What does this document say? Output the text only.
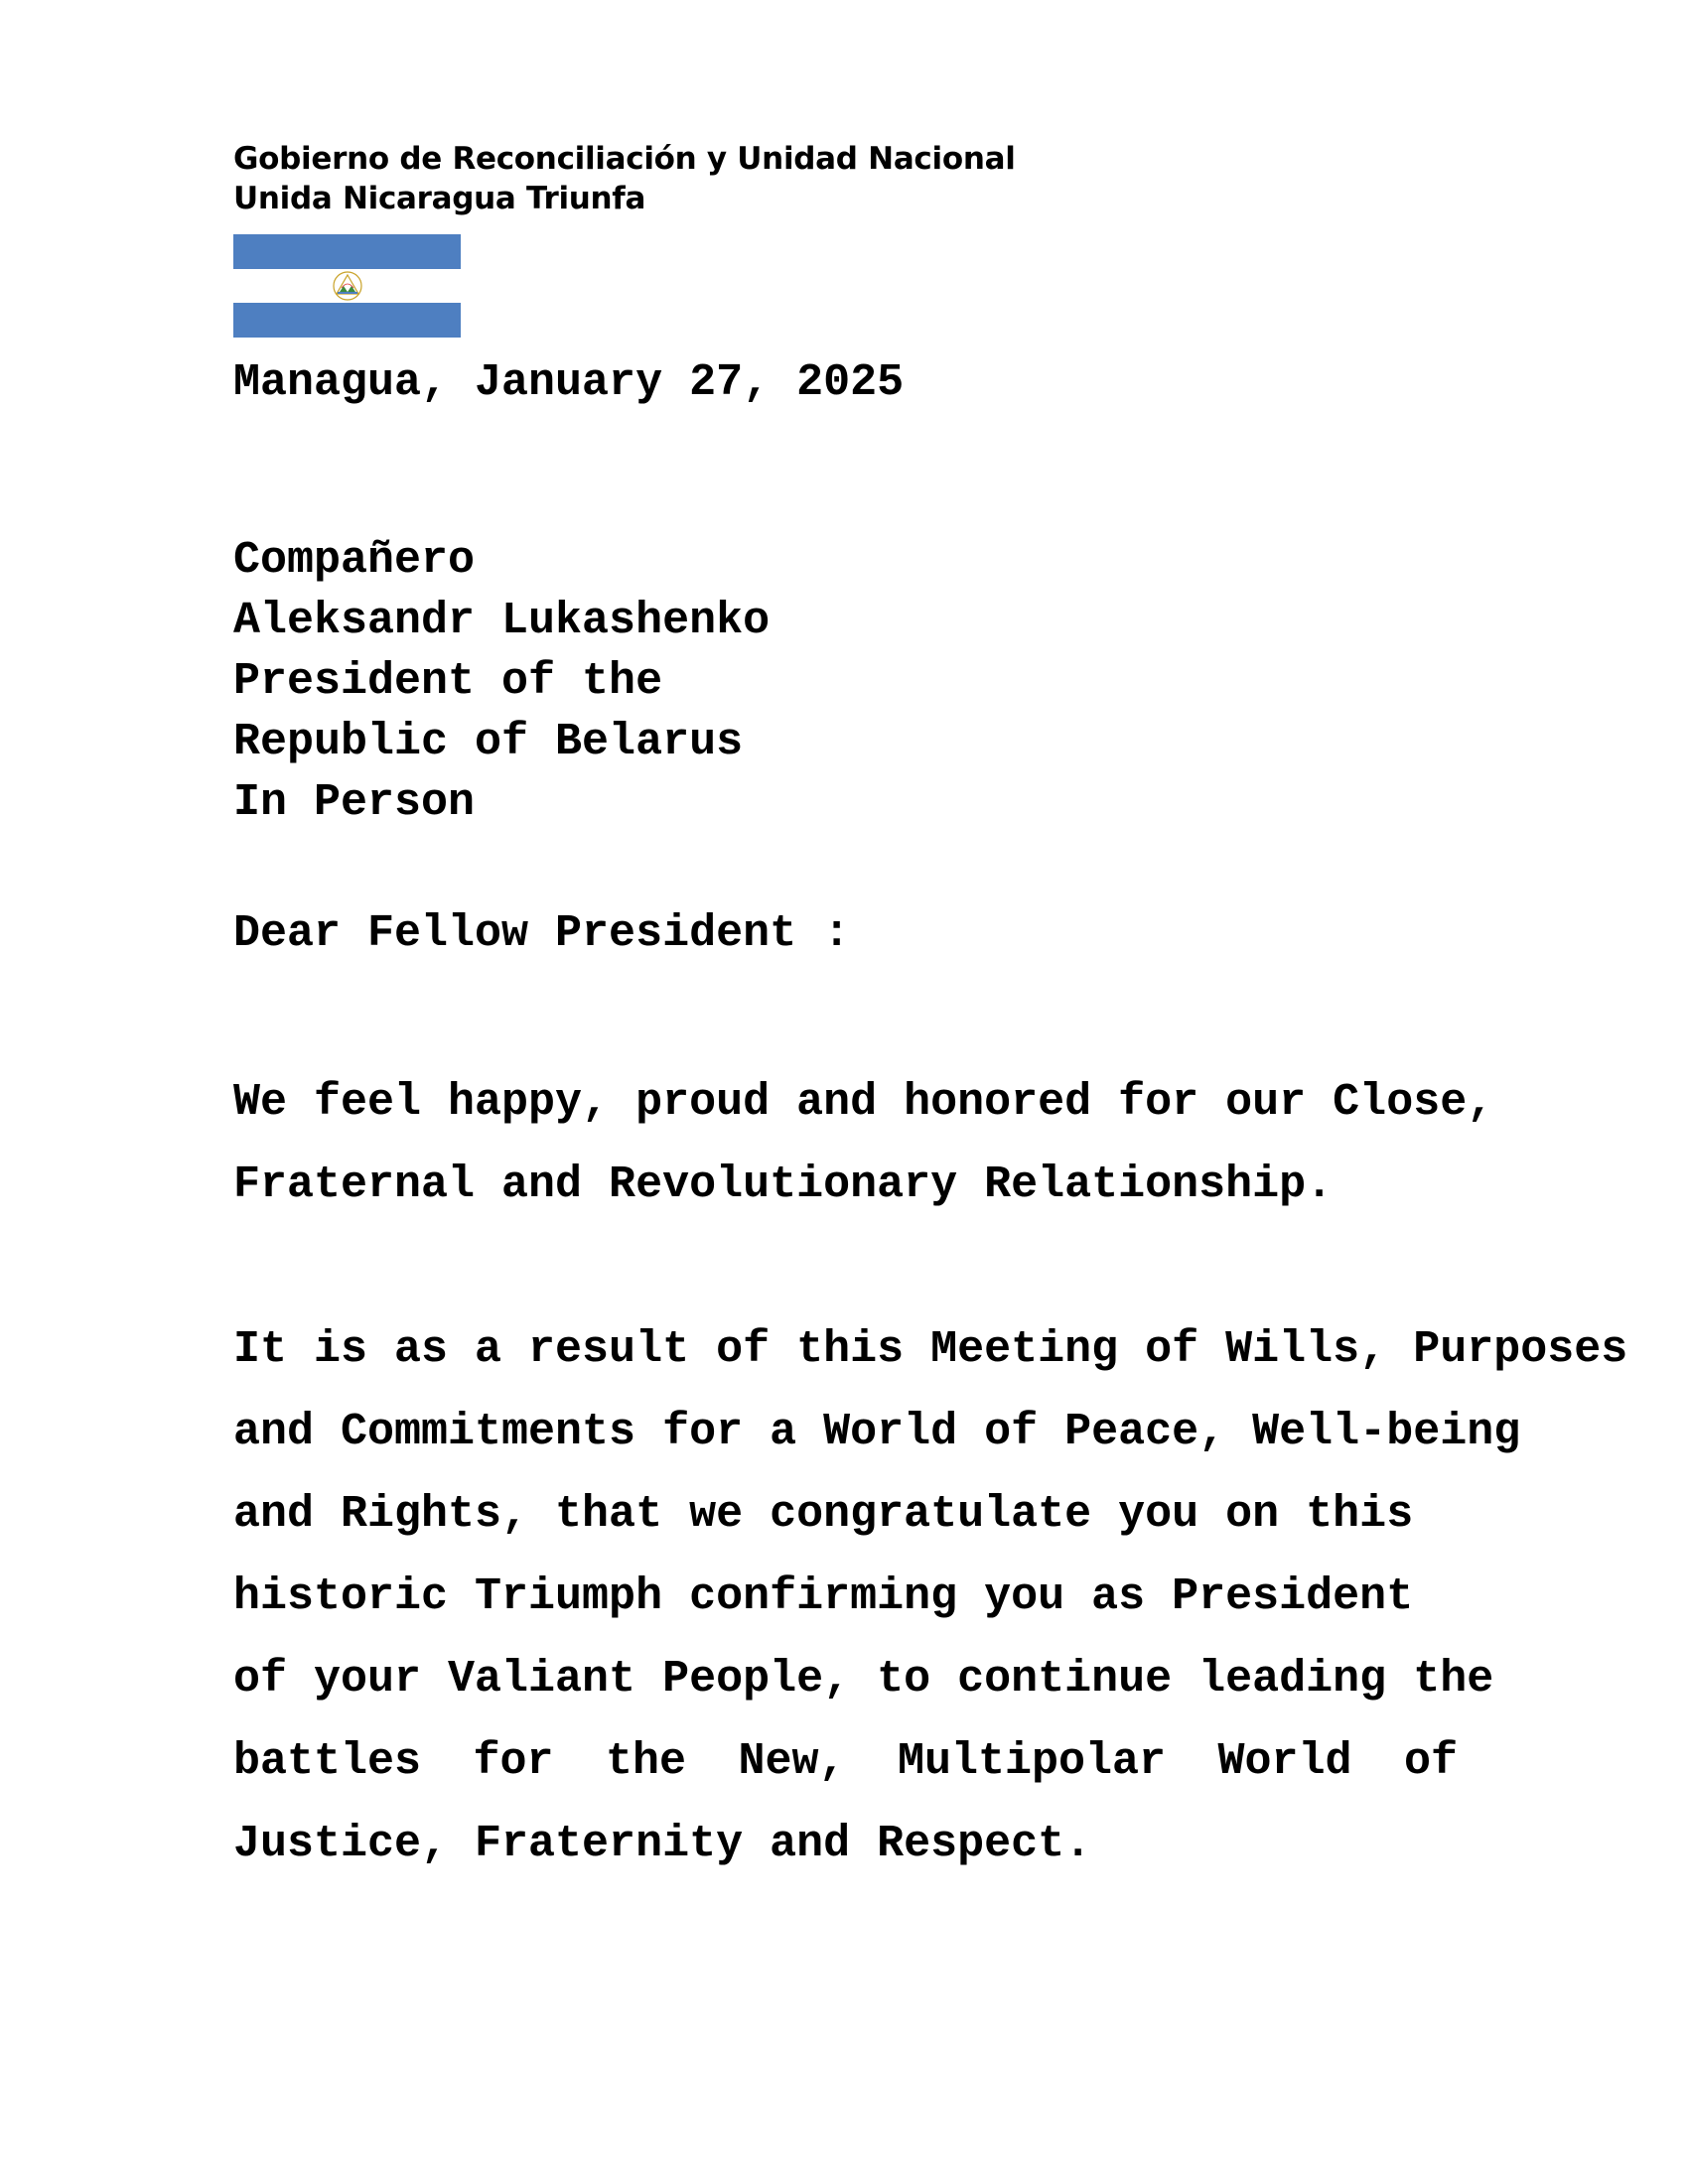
Gobierno de Reconciliación y Unidad Nacional
Unida Nicaragua Triunfa
Managua, January 27, 2025
Compañero
Aleksandr Lukashenko
President of the
Republic of Belarus
In Person
Dear Fellow President :
We feel happy, proud and honored for our Close,
Fraternal and Revolutionary Relationship.
It is as a result of this Meeting of Wills, Purposes
and Commitments for a World of Peace, Well-being
and Rights, that we congratulate you on this
historic Triumph confirming you as President
of your Valiant People, to continue leading the
battles for the New, Multipolar World of
Justice, Fraternity and Respect.
